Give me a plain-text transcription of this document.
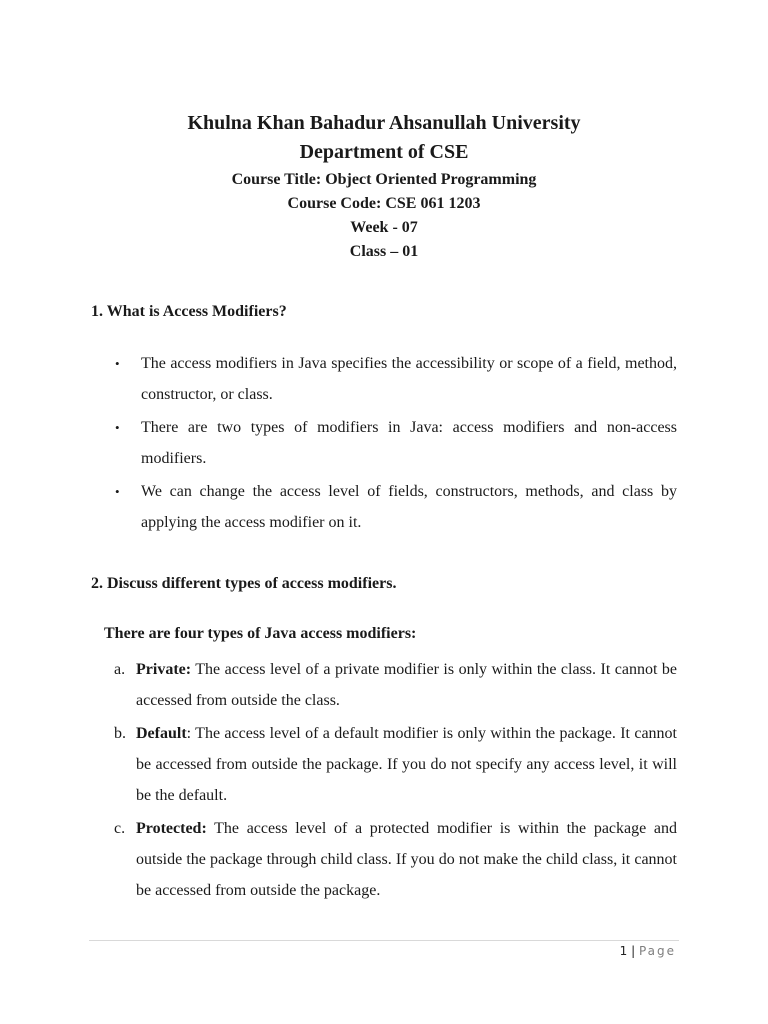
Khulna Khan Bahadur Ahsanullah University
Department of CSE
Course Title: Object Oriented Programming
Course Code: CSE 061 1203
Week - 07
Class – 01
1. What is Access Modifiers?
•	The access modifiers in Java specifies the accessibility or scope of a field, method, constructor, or class.
•	There are two types of modifiers in Java: access modifiers and non-access modifiers.
•	We can change the access level of fields, constructors, methods, and class by applying the access modifier on it.
2. Discuss different types of access modifiers.
There are four types of Java access modifiers:
a. Private: The access level of a private modifier is only within the class. It cannot be accessed from outside the class.
b. Default: The access level of a default modifier is only within the package. It cannot be accessed from outside the package. If you do not specify any access level, it will be the default.
c. Protected: The access level of a protected modifier is within the package and outside the package through child class. If you do not make the child class, it cannot be accessed from outside the package.
1 | Page
